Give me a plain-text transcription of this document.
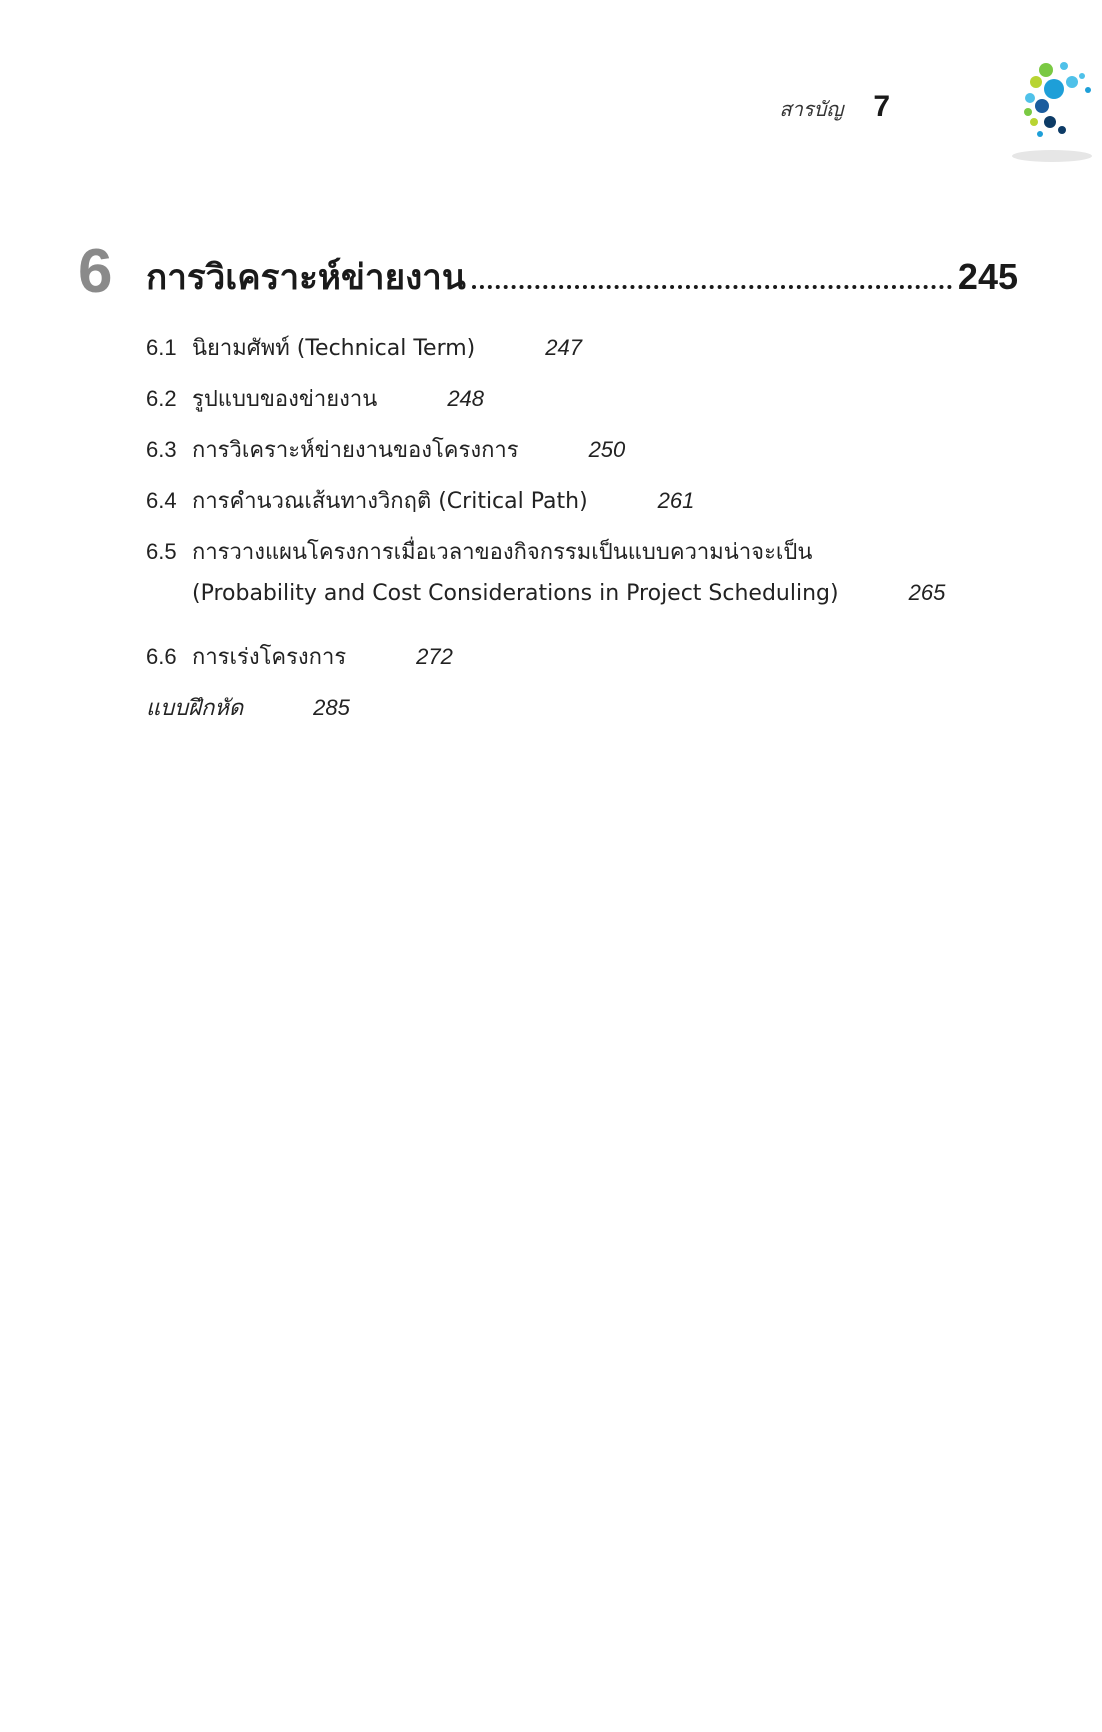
สารบัญ 7
6 การวิเคราะห์ข่ายงาน	245
6.1 นิยามศัพท์ (Technical Term)	247
6.2 รูปแบบของข่ายงาน	248
6.3 การวิเคราะห์ข่ายงานของโครงการ	250
6.4 การคำนวณเส้นทางวิกฤติ (Critical Path)	261
6.5 การวางแผนโครงการเมื่อเวลาของกิจกรรมเป็นแบบความน่าจะเป็น
(Probability and Cost Considerations in Project Scheduling)	265
6.6 การเร่งโครงการ	272
แบบฝึกหัด	285
